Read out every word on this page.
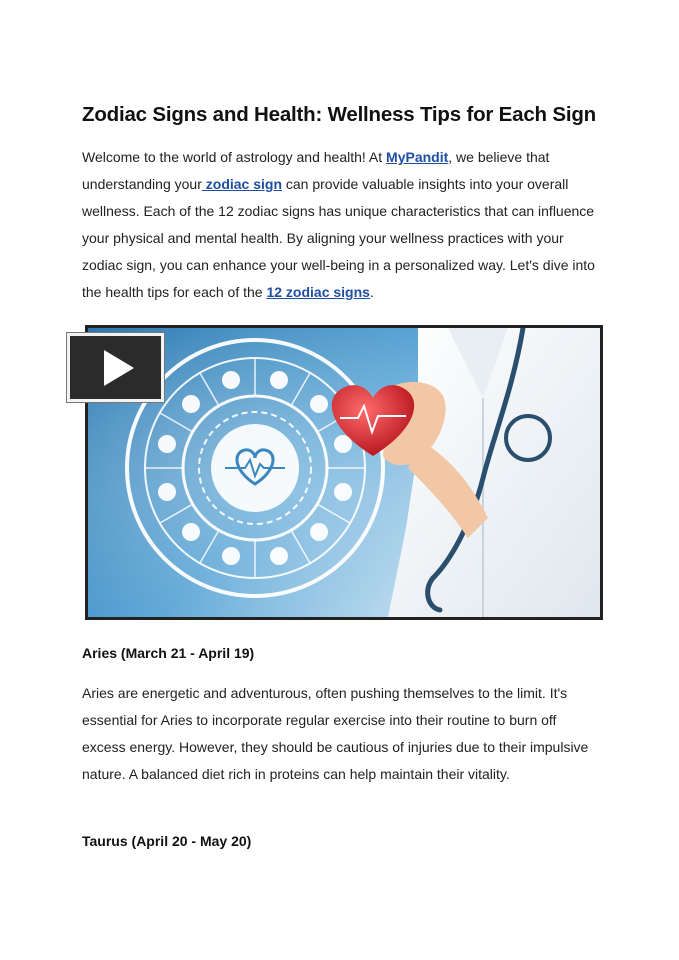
Zodiac Signs and Health: Wellness Tips for Each Sign
Welcome to the world of astrology and health! At MyPandit, we believe that understanding your zodiac sign can provide valuable insights into your overall wellness. Each of the 12 zodiac signs has unique characteristics that can influence your physical and mental health. By aligning your wellness practices with your zodiac sign, you can enhance your well-being in a personalized way. Let's dive into the health tips for each of the 12 zodiac signs.
Aries (March 21 - April 19)
Aries are energetic and adventurous, often pushing themselves to the limit. It's essential for Aries to incorporate regular exercise into their routine to burn off excess energy. However, they should be cautious of injuries due to their impulsive nature. A balanced diet rich in proteins can help maintain their vitality.
Taurus (April 20 - May 20)
